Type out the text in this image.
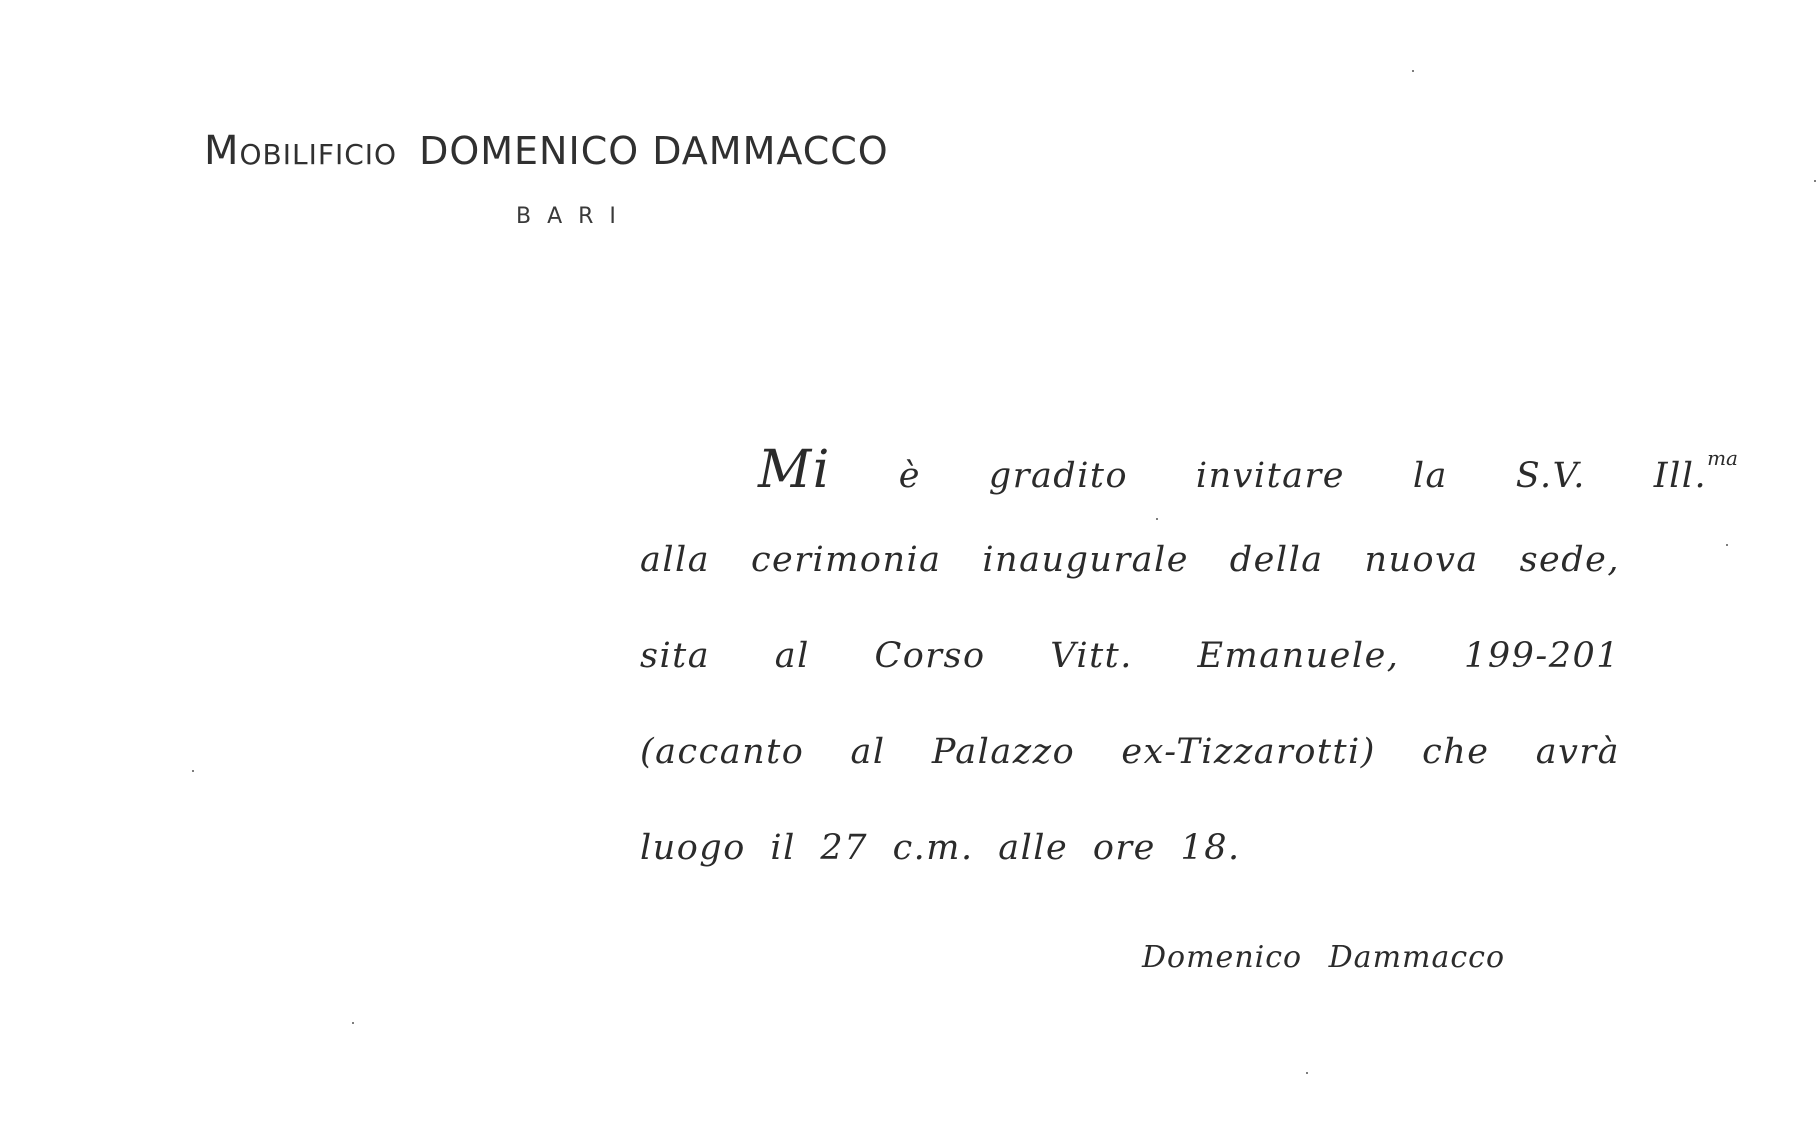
Mobilificio DOMENICO DAMMACCO
BARI
Mi è gradito invitare la S.V. Ill.$^{ma}$
alla cerimonia inaugurale della nuova sede,
sita al Corso Vitt. Emanuele, 199-201
(accanto al Palazzo ex-Tizzarotti) che avrà
luogo il 27 c.m. alle ore 18.
Domenico Dammacco
